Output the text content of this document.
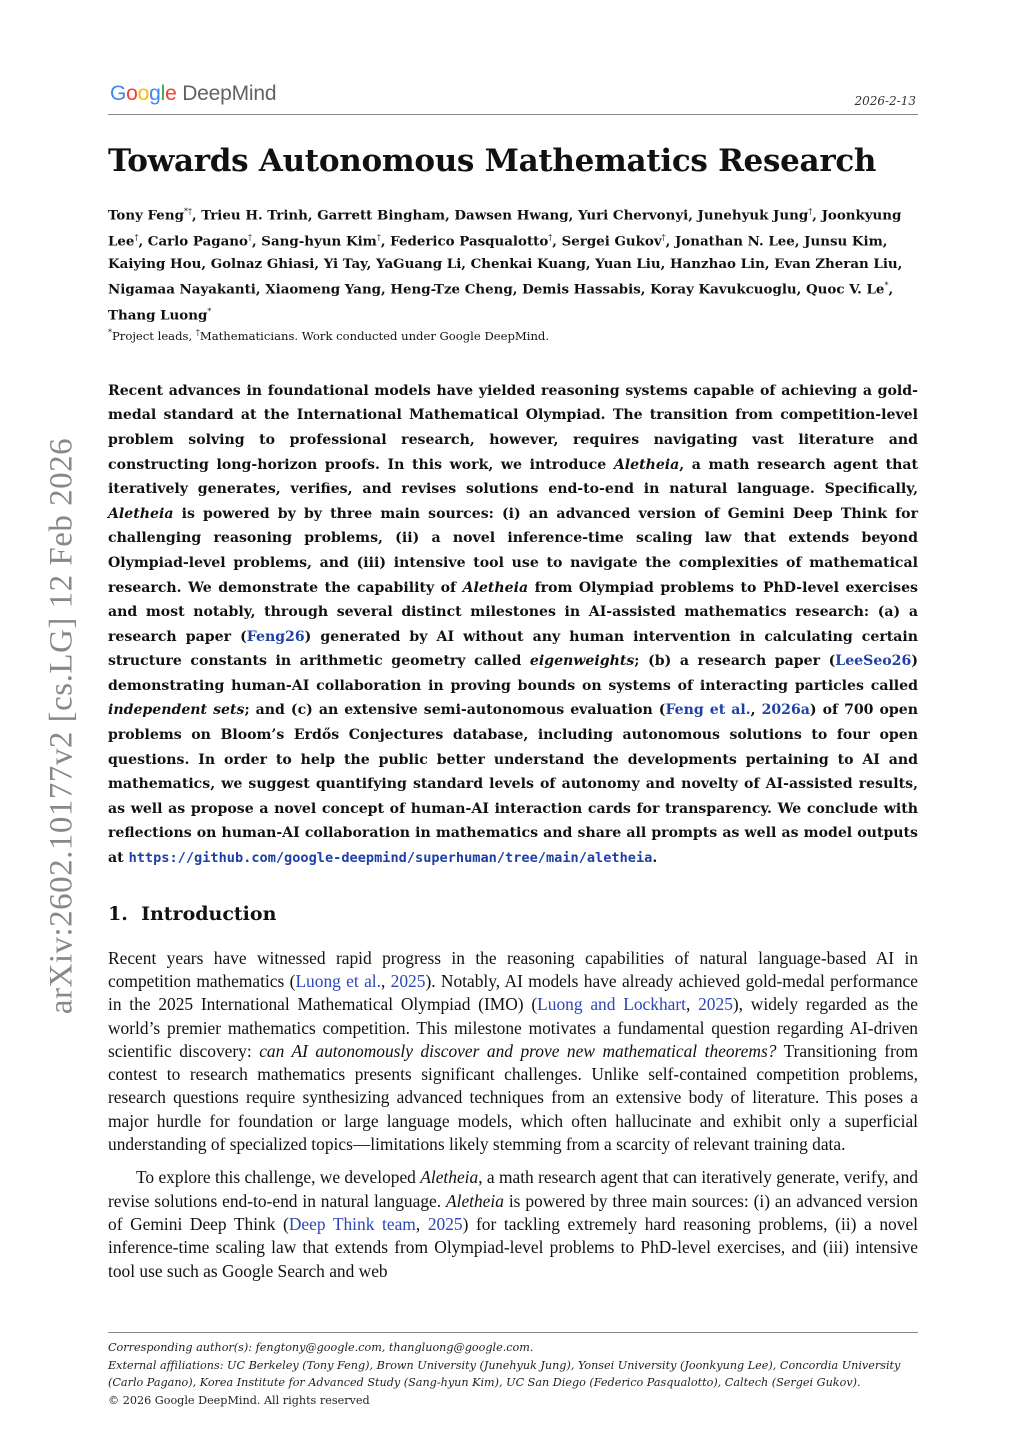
arXiv:2602.10177v2 [cs.LG] 12 Feb 2026
Google DeepMind	2026-2-13
Towards Autonomous Mathematics Research
Tony Feng*†, Trieu H. Trinh, Garrett Bingham, Dawsen Hwang, Yuri Chervonyi, Junehyuk Jung†, Joonkyung Lee†, Carlo Pagano†, Sang-hyun Kim†, Federico Pasqualotto†, Sergei Gukov†, Jonathan N. Lee, Junsu Kim, Kaiying Hou, Golnaz Ghiasi, Yi Tay, YaGuang Li, Chenkai Kuang, Yuan Liu, Hanzhao Lin, Evan Zheran Liu, Nigamaa Nayakanti, Xiaomeng Yang, Heng-Tze Cheng, Demis Hassabis, Koray Kavukcuoglu, Quoc V. Le*, Thang Luong*
*Project leads, †Mathematicians. Work conducted under Google DeepMind.
Recent advances in foundational models have yielded reasoning systems capable of achieving a gold-medal standard at the International Mathematical Olympiad. The transition from competition-level problem solving to professional research, however, requires navigating vast literature and constructing long-horizon proofs. In this work, we introduce Aletheia, a math research agent that iteratively generates, verifies, and revises solutions end-to-end in natural language. Specifically, Aletheia is powered by by three main sources: (i) an advanced version of Gemini Deep Think for challenging reasoning problems, (ii) a novel inference-time scaling law that extends beyond Olympiad-level problems, and (iii) intensive tool use to navigate the complexities of mathematical research. We demonstrate the capability of Aletheia from Olympiad problems to PhD-level exercises and most notably, through several distinct milestones in AI-assisted mathematics research: (a) a research paper (Feng26) generated by AI without any human intervention in calculating certain structure constants in arithmetic geometry called eigenweights; (b) a research paper (LeeSeo26) demonstrating human-AI collaboration in proving bounds on systems of interacting particles called independent sets; and (c) an extensive semi-autonomous evaluation (Feng et al., 2026a) of 700 open problems on Bloom’s Erdős Conjectures database, including autonomous solutions to four open questions. In order to help the public better understand the developments pertaining to AI and mathematics, we suggest quantifying standard levels of autonomy and novelty of AI-assisted results, as well as propose a novel concept of human-AI interaction cards for transparency. We conclude with reflections on human-AI collaboration in mathematics and share all prompts as well as model outputs at https://github.com/google-deepmind/superhuman/tree/main/aletheia.
1. Introduction

Recent years have witnessed rapid progress in the reasoning capabilities of natural language-based AI in competition mathematics (Luong et al., 2025). Notably, AI models have already achieved gold-medal performance in the 2025 International Mathematical Olympiad (IMO) (Luong and Lockhart, 2025), widely regarded as the world’s premier mathematics competition. This milestone motivates a fundamental question regarding AI-driven scientific discovery: can AI autonomously discover and prove new mathematical theorems? Transitioning from contest to research mathematics presents significant challenges. Unlike self-contained competition problems, research questions require synthesizing advanced techniques from an extensive body of literature. This poses a major hurdle for foundation or large language models, which often hallucinate and exhibit only a superficial understanding of specialized topics—limitations likely stemming from a scarcity of relevant training data.

To explore this challenge, we developed Aletheia, a math research agent that can iteratively generate, verify, and revise solutions end-to-end in natural language. Aletheia is powered by three main sources: (i) an advanced version of Gemini Deep Think (Deep Think team, 2025) for tackling extremely hard reasoning problems, (ii) a novel inference-time scaling law that extends from Olympiad-level problems to PhD-level exercises, and (iii) intensive tool use such as Google Search and web

Corresponding author(s): fengtony@google.com, thangluong@google.com.
External affiliations: UC Berkeley (Tony Feng), Brown University (Junehyuk Jung), Yonsei University (Joonkyung Lee), Concordia University (Carlo Pagano), Korea Institute for Advanced Study (Sang-hyun Kim), UC San Diego (Federico Pasqualotto), Caltech (Sergei Gukov).
© 2026 Google DeepMind. All rights reserved
